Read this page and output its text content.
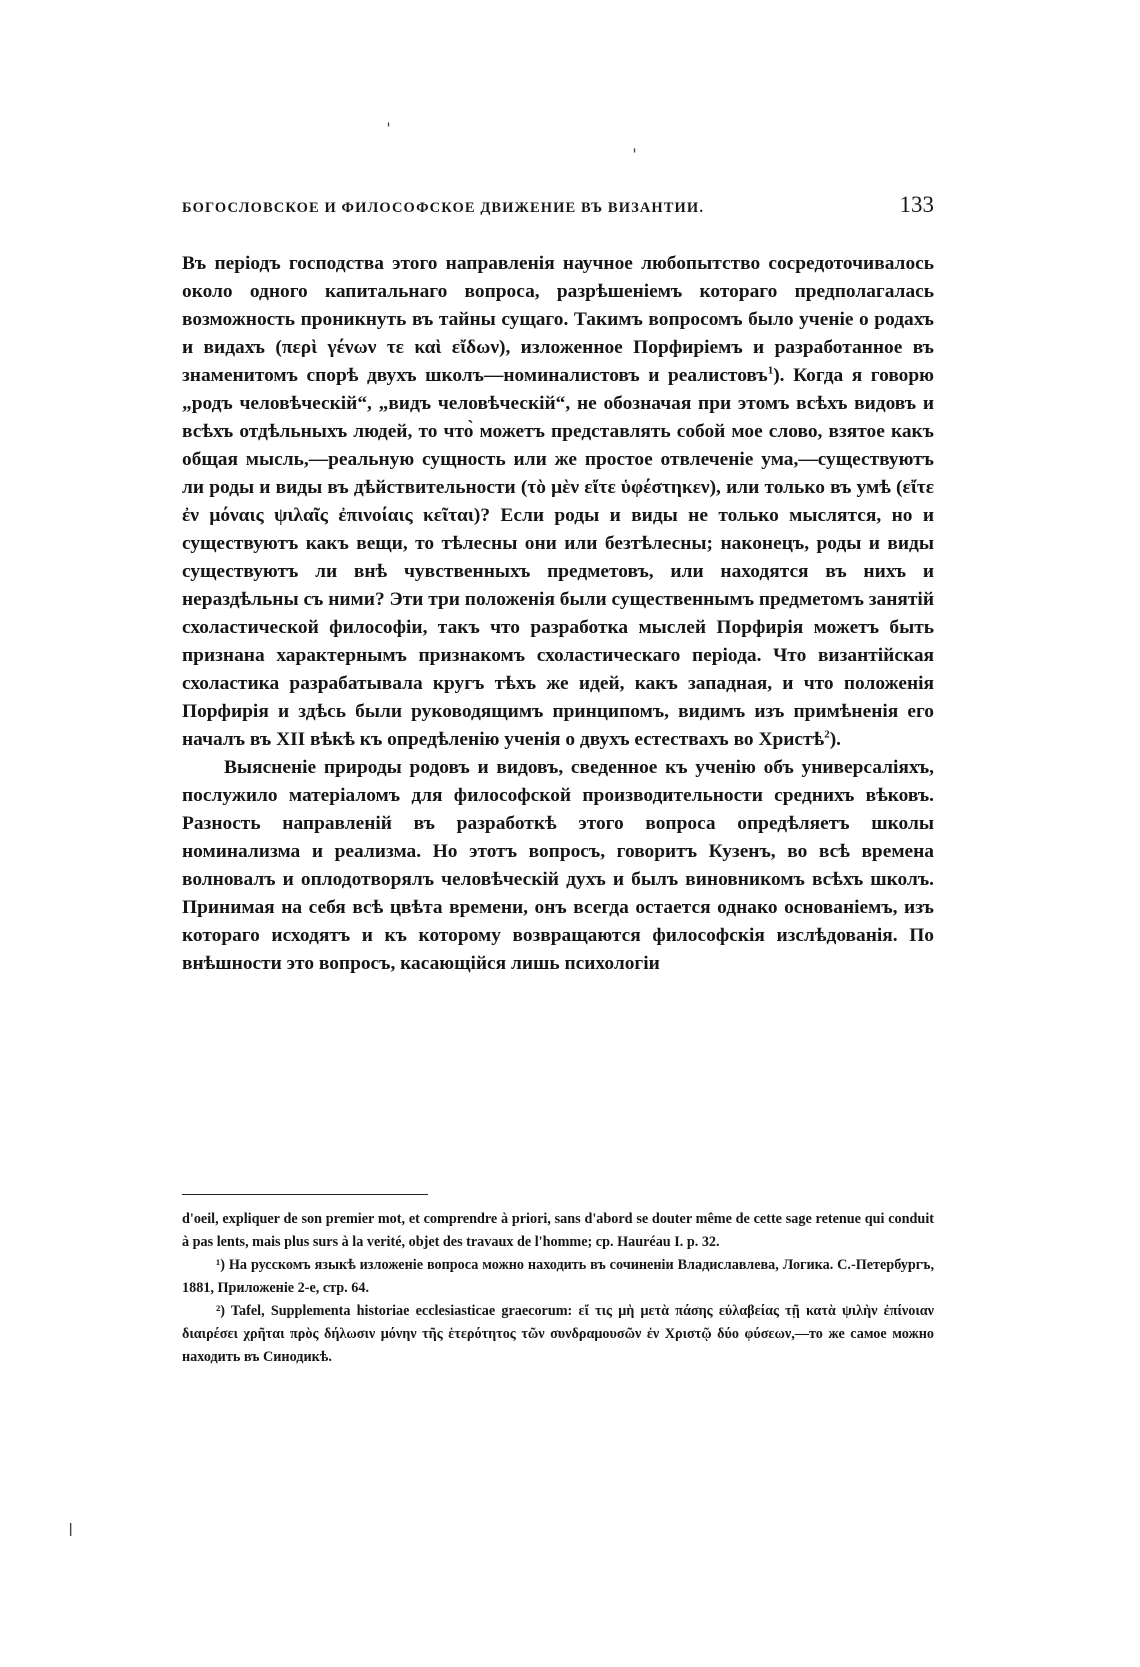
ˈ
ˈ
ǀ
БОГОСЛОВСКОЕ И ФИЛОСОФСКОЕ ДВИЖЕНИЕ ВЪ ВИЗАНТИИ.	133

Въ періодъ господства этого направленія научное любопытство сосредоточивалось около одного капитальнаго вопроса, разрѣшеніемъ котораго предполагалась возможность проникнуть въ тайны сущаго. Такимъ вопросомъ было ученіе о родахъ и видахъ (περὶ γένων τε καὶ εἴδων), изложенное Порфиріемъ и разработанное въ знаменитомъ спорѣ двухъ школъ—номиналистовъ и реалистовъ$^1$). Когда я говорю „родъ человѣческій“, „видъ человѣческій“, не обозначая при этомъ всѣхъ видовъ и всѣхъ отдѣльныхъ людей, то что̀ можетъ представлять собой мое слово, взятое какъ общая мысль,—реальную сущность или же простое отвлеченіе ума,—существуютъ ли роды и виды въ дѣйствительности (τὸ μὲν εἴτε ὑφέστηκεν), или только въ умѣ (εἴτε ἐν μόναις ψιλαῖς ἐπινοίαις κεῖται)? Если роды и виды не только мыслятся, но и существуютъ какъ вещи, то тѣлесны они или безтѣлесны; наконецъ, роды и виды существуютъ ли внѣ чувственныхъ предметовъ, или находятся въ нихъ и нераздѣльны съ ними? Эти три положенія были существеннымъ предметомъ занятій схоластической философіи, такъ что разработка мыслей Порфирія можетъ быть признана характернымъ признакомъ схоластическаго періода. Что византійская схоластика разрабатывала кругъ тѣхъ же идей, какъ западная, и что положенія Порфирія и здѣсь были руководящимъ принципомъ, видимъ изъ примѣненія его началъ въ XII вѣкѣ къ опредѣленію ученія о двухъ естествахъ во Христѣ$^2$).

Выясненіе природы родовъ и видовъ, сведенное къ ученію объ универсаліяхъ, послужило матеріаломъ для философской производительности среднихъ вѣковъ. Разность направленій въ разработкѣ этого вопроса опредѣляетъ школы номинализма и реализма. Но этотъ вопросъ, говоритъ Кузенъ, во всѣ времена волновалъ и оплодотворялъ человѣческій духъ и былъ виновникомъ всѣхъ школъ. Принимая на себя всѣ цвѣта времени, онъ всегда остается однако основаніемъ, изъ котораго исходятъ и къ которому возвращаются философскія изслѣдованія. По внѣшности это вопросъ, касающійся лишь психологіи

d'oeil, expliquer de son premier mot, et comprendre à priori, sans d'abord se douter même de cette sage retenue qui conduit à pas lents, mais plus surs à la verité, objet des travaux de l'homme; cp. Hauréau I. p. 32.

¹) На русскомъ языкѣ изложеніе вопроса можно находить въ сочиненіи Владиславлева, Логика. С.-Петербургъ, 1881, Приложеніе 2-е, стр. 64.

²) Tafel, Supplementa historiae ecclesiasticae graecorum: εἴ τις μὴ μετὰ πάσης εὐλαβείας τῇ κατὰ ψιλὴν ἐπίνοιαν διαιρέσει χρῆται πρὸς δήλωσιν μόνην τῆς ἑτερότητος τῶν συνδραμουσῶν ἐν Χριστῷ δύο φύσεων,—то же самое можно находить въ Синодикѣ.
